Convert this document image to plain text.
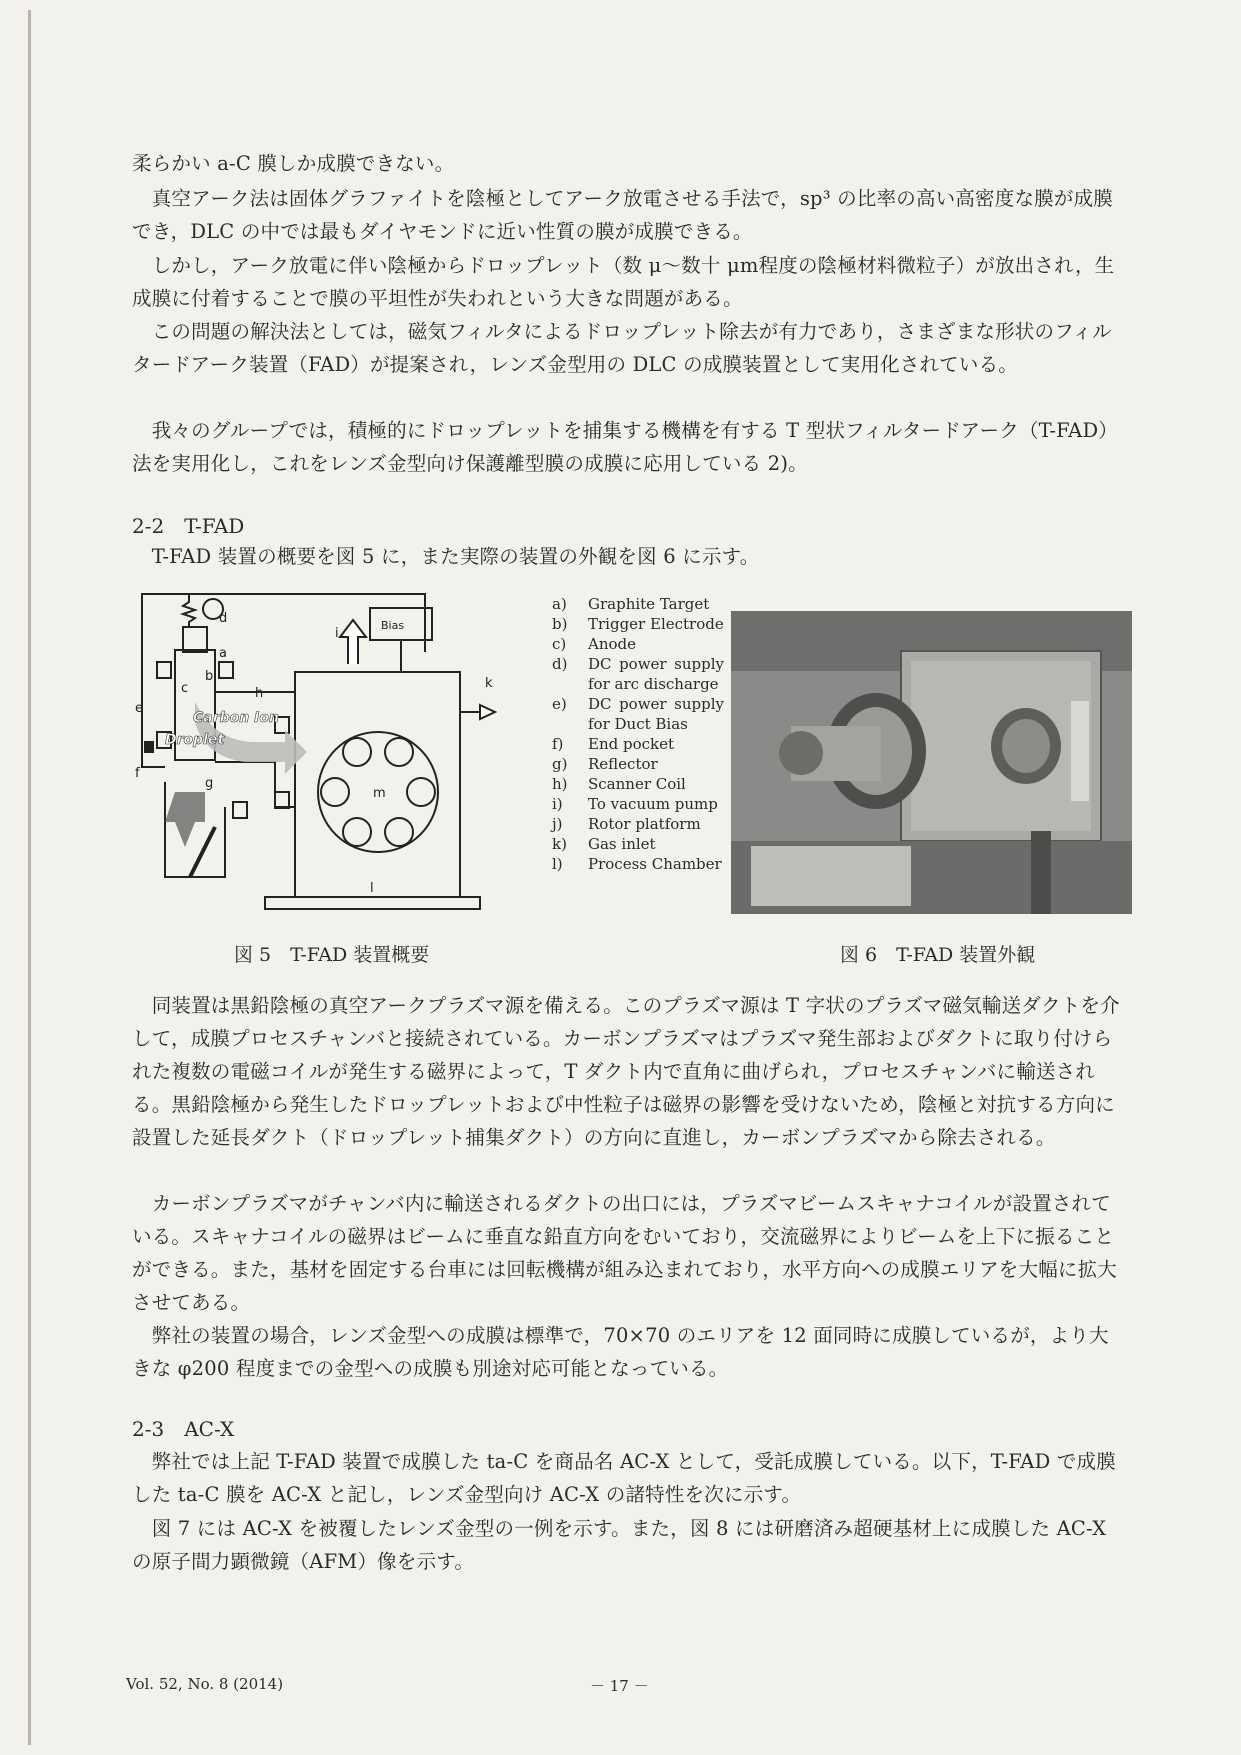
柔らかい a-C 膜しか成膜できない。

　真空アーク法は固体グラファイトを陰極としてアーク放電させる手法で，sp³ の比率の高い高密度な膜が成膜でき，DLC の中では最もダイヤモンドに近い性質の膜が成膜できる。

　しかし，アーク放電に伴い陰極からドロップレット（数 μ～数十 μm程度の陰極材料微粒子）が放出され，生成膜に付着することで膜の平坦性が失われという大きな問題がある。

　この問題の解決法としては，磁気フィルタによるドロップレット除去が有力であり，さまざまな形状のフィルタードアーク装置（FAD）が提案され，レンズ金型用の DLC の成膜装置として実用化されている。

　我々のグループでは，積極的にドロップレットを捕集する機構を有する T 型状フィルタードアーク（T-FAD）法を実用化し，これをレンズ金型向け保護離型膜の成膜に応用している 2)。

2-2　T-FAD

　T-FAD 装置の概要を図 5 に，また実際の装置の外観を図 6 に示す。

d
a
b
c
e
f
g
h
i
k
l
m
Bias
Carbon Ion
Droplet
図 5　T-FAD 装置概要
a)	Graphite Target
b)	Trigger Electrode
c)	Anode
d)	DC power supply for arc discharge
e)	DC power supply for Duct Bias
f)	End pocket
g)	Reflector
h)	Scanner Coil
i)	To vacuum pump
j)	Rotor platform
k)	Gas inlet
l)	Process Chamber
図 6　T-FAD 装置外観

　同装置は黒鉛陰極の真空アークプラズマ源を備える。このプラズマ源は T 字状のプラズマ磁気輸送ダクトを介して，成膜プロセスチャンバと接続されている。カーボンプラズマはプラズマ発生部およびダクトに取り付けられた複数の電磁コイルが発生する磁界によって，T ダクト内で直角に曲げられ，プロセスチャンバに輸送される。黒鉛陰極から発生したドロップレットおよび中性粒子は磁界の影響を受けないため，陰極と対抗する方向に設置した延長ダクト（ドロップレット捕集ダクト）の方向に直進し，カーボンプラズマから除去される。

　カーボンプラズマがチャンバ内に輸送されるダクトの出口には，プラズマビームスキャナコイルが設置されている。スキャナコイルの磁界はビームに垂直な鉛直方向をむいており，交流磁界によりビームを上下に振ることができる。また，基材を固定する台車には回転機構が組み込まれており，水平方向への成膜エリアを大幅に拡大させてある。

　弊社の装置の場合，レンズ金型への成膜は標準で，70×70 のエリアを 12 面同時に成膜しているが，より大きな φ200 程度までの金型への成膜も別途対応可能となっている。

2-3　AC-X

　弊社では上記 T-FAD 装置で成膜した ta-C を商品名 AC-X として，受託成膜している。以下，T-FAD で成膜した ta-C 膜を AC-X と記し，レンズ金型向け AC-X の諸特性を次に示す。

　図 7 には AC-X を被覆したレンズ金型の一例を示す。また，図 8 には研磨済み超硬基材上に成膜した AC-X の原子間力顕微鏡（AFM）像を示す。

Vol. 52, No. 8 (2014)	－ 17 －
